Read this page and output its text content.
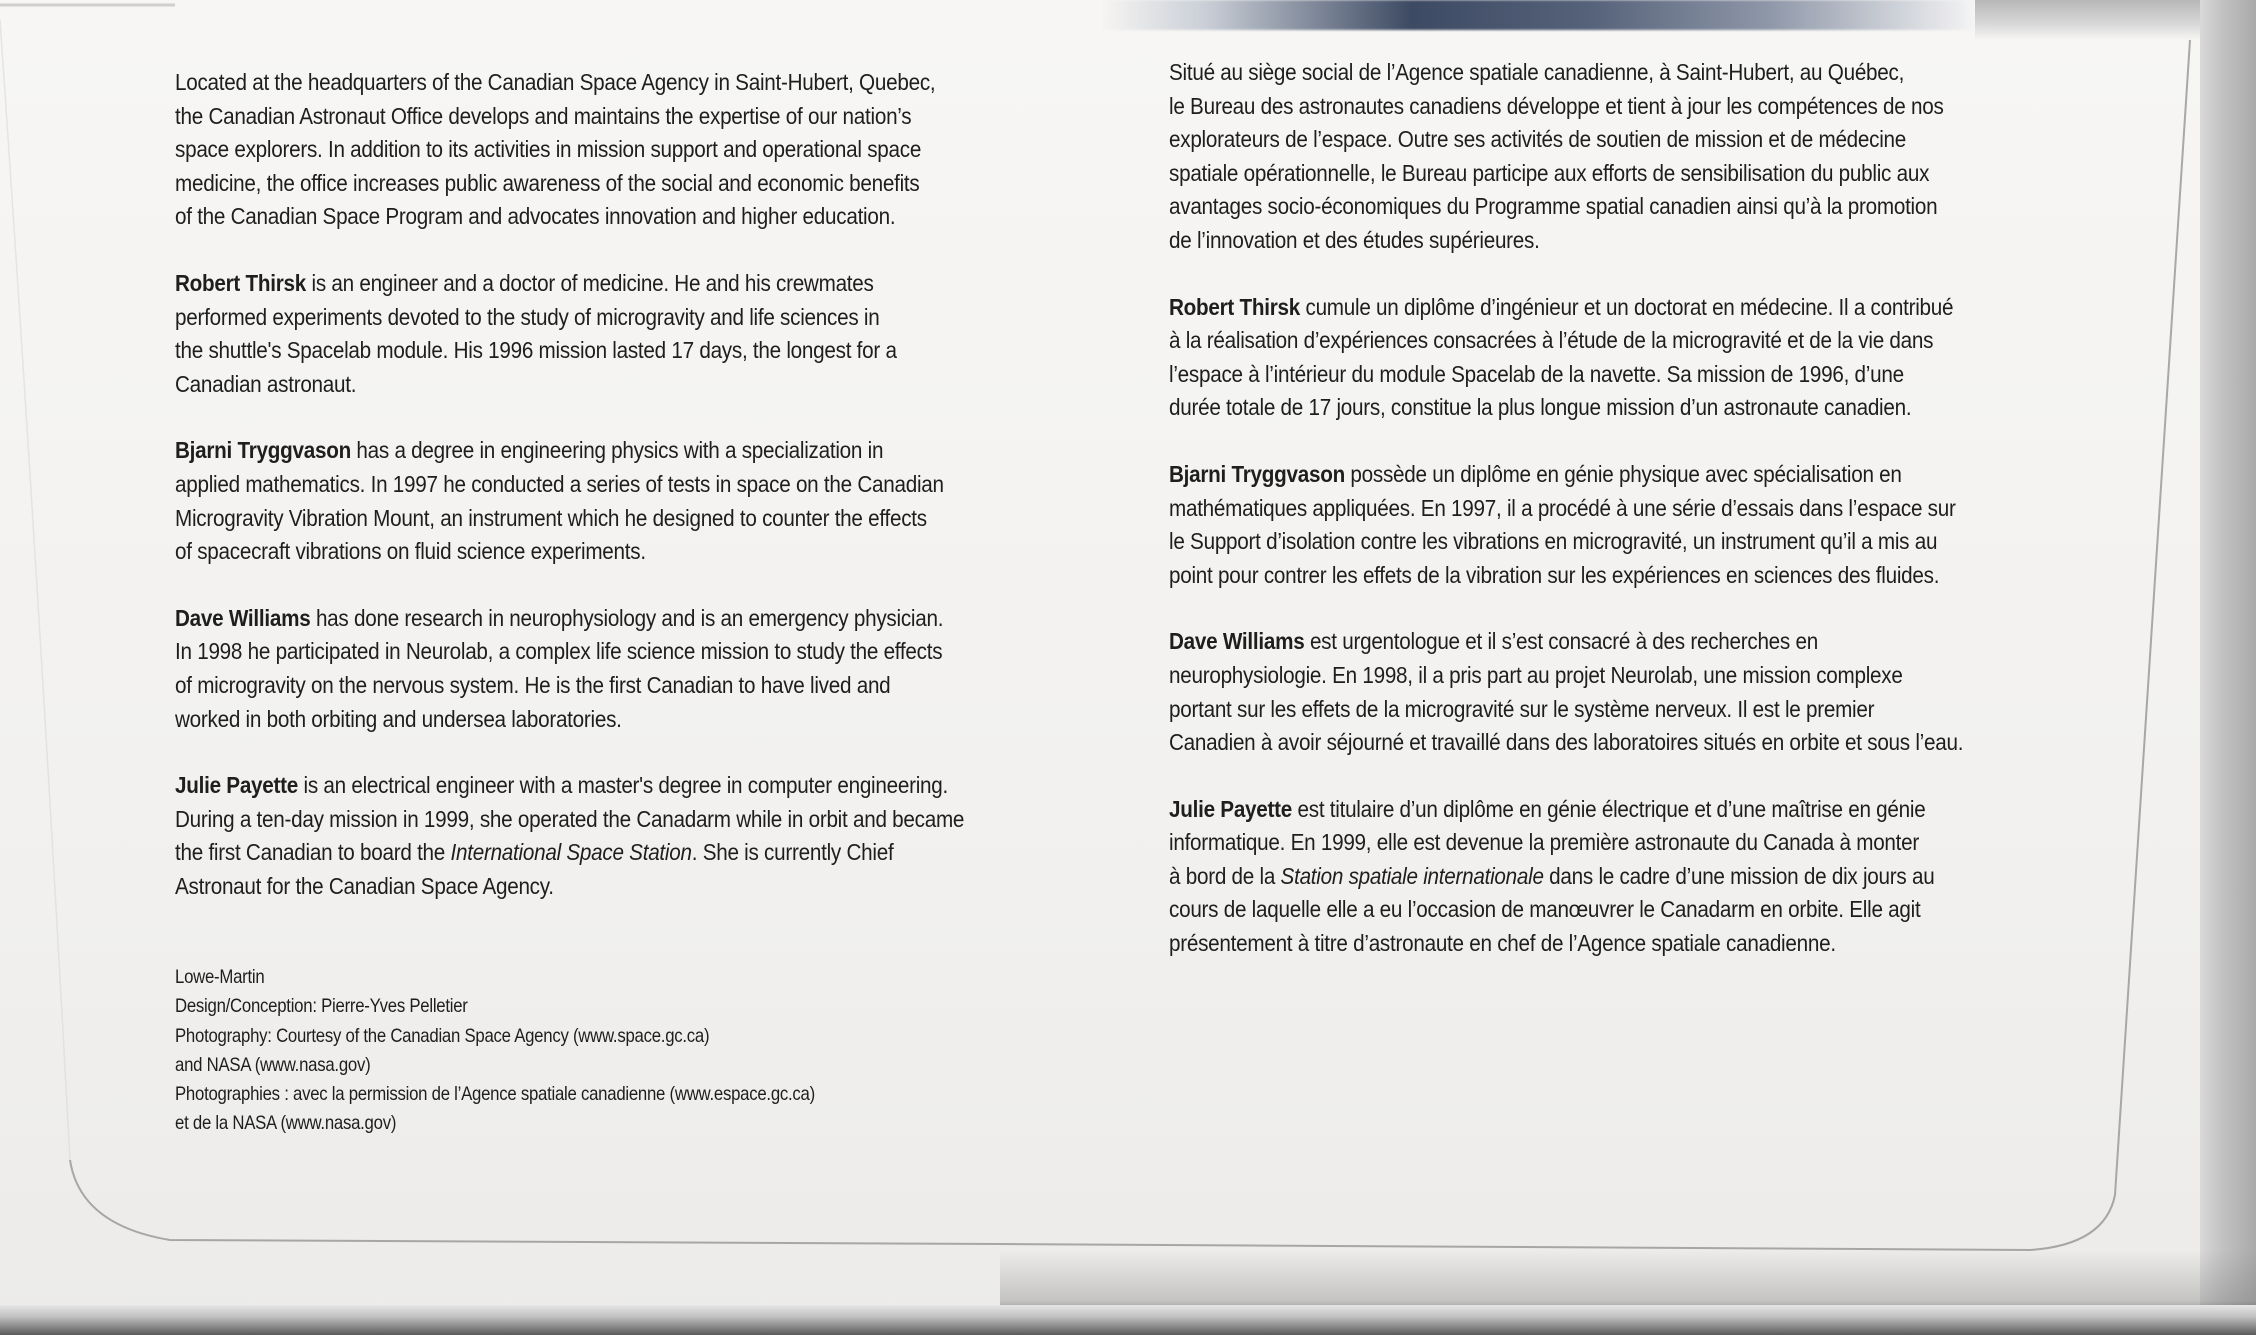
Located at the headquarters of the Canadian Space Agency in Saint-Hubert, Quebec,
the Canadian Astronaut Office develops and maintains the expertise of our nation’s
space explorers. In addition to its activities in mission support and operational space
medicine, the office increases public awareness of the social and economic benefits
of the Canadian Space Program and advocates innovation and higher education.

Robert Thirsk is an engineer and a doctor of medicine. He and his crewmates
performed experiments devoted to the study of microgravity and life sciences in
the shuttle's Spacelab module. His 1996 mission lasted 17 days, the longest for a
Canadian astronaut.

Bjarni Tryggvason has a degree in engineering physics with a specialization in
applied mathematics. In 1997 he conducted a series of tests in space on the Canadian
Microgravity Vibration Mount, an instrument which he designed to counter the effects
of spacecraft vibrations on fluid science experiments.

Dave Williams has done research in neurophysiology and is an emergency physician.
In 1998 he participated in Neurolab, a complex life science mission to study the effects
of microgravity on the nervous system. He is the first Canadian to have lived and
worked in both orbiting and undersea laboratories.

Julie Payette is an electrical engineer with a master's degree in computer engineering.
During a ten-day mission in 1999, she operated the Canadarm while in orbit and became
the first Canadian to board the International Space Station. She is currently Chief
Astronaut for the Canadian Space Agency.

Situé au siège social de l’Agence spatiale canadienne, à Saint-Hubert, au Québec,
le Bureau des astronautes canadiens développe et tient à jour les compétences de nos
explorateurs de l’espace. Outre ses activités de soutien de mission et de médecine
spatiale opérationnelle, le Bureau participe aux efforts de sensibilisation du public aux
avantages socio-économiques du Programme spatial canadien ainsi qu’à la promotion
de l’innovation et des études supérieures.

Robert Thirsk cumule un diplôme d’ingénieur et un doctorat en médecine. Il a contribué
à la réalisation d’expériences consacrées à l’étude de la microgravité et de la vie dans
l’espace à l’intérieur du module Spacelab de la navette. Sa mission de 1996, d’une
durée totale de 17 jours, constitue la plus longue mission d’un astronaute canadien.

Bjarni Tryggvason possède un diplôme en génie physique avec spécialisation en
mathématiques appliquées. En 1997, il a procédé à une série d’essais dans l’espace sur
le Support d’isolation contre les vibrations en microgravité, un instrument qu’il a mis au
point pour contrer les effets de la vibration sur les expériences en sciences des fluides.

Dave Williams est urgentologue et il s’est consacré à des recherches en
neurophysiologie. En 1998, il a pris part au projet Neurolab, une mission complexe
portant sur les effets de la microgravité sur le système nerveux. Il est le premier
Canadien à avoir séjourné et travaillé dans des laboratoires situés en orbite et sous l’eau.

Julie Payette est titulaire d’un diplôme en génie électrique et d’une maîtrise en génie
informatique. En 1999, elle est devenue la première astronaute du Canada à monter
à bord de la Station spatiale internationale dans le cadre d’une mission de dix jours au
cours de laquelle elle a eu l’occasion de manœuvrer le Canadarm en orbite. Elle agit
présentement à titre d’astronaute en chef de l’Agence spatiale canadienne.

Lowe-Martin
Design/Conception: Pierre-Yves Pelletier
Photography: Courtesy of the Canadian Space Agency (www.space.gc.ca)
and NASA (www.nasa.gov)
Photographies : avec la permission de l’Agence spatiale canadienne (www.espace.gc.ca)
et de la NASA (www.nasa.gov)
